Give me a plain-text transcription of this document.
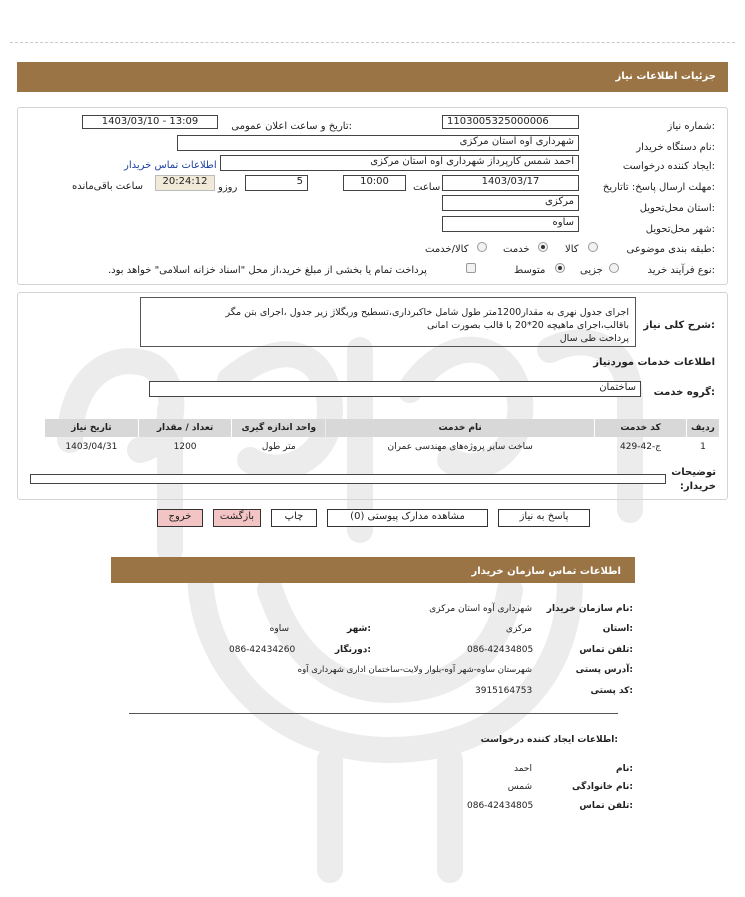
جزئیات اطلاعات نیاز
شماره نیاز:
1103005325000006
تاریخ و ساعت اعلان عمومی:
1403/03/10 - 13:09
نام دستگاه خریدار:
شهرداری آوه استان مرکزی
ایجاد کننده درخواست:
احمد شمس کارپرداز شهرداری آوه استان مرکزی
اطلاعات تماس خریدار
مهلت ارسال پاسخ: تاتاریخ:
1403/03/17
ساعت
10:00
5
روزو
20:24:12
ساعت باقی‌مانده
استان محل‌تحویل:
مرکزی
شهر محل‌تحویل:
ساوه
طبقه بندی موضوعی:
کالا
خدمت
کالا/خدمت
نوع فرآیند خرید:
جزیی
متوسط
پرداخت تمام یا بخشی از مبلغ خرید،از محل "اسناد خزانه اسلامی" خواهد بود.
شرح کلی نیاز:
اجرای جدول نهری به مقدار1200متر طول شامل خاکبرداری،تسطیح وریگلاژ زیر جدول ،اجرای بتن مگر
باقالب،اجرای ماهیچه 20*20 با قالب بصورت امانی
پرداخت طی سال
اطلاعات خدمات موردنیاز
گروه خدمت:
ساختمان
ردیف	کد خدمت	نام خدمت	واحد اندازه گیری	تعداد / مقدار	تاریخ نیاز
1	ج-42-429	ساخت سایر پروژه‌های مهندسی عمران	متر طول	1200	1403/04/31
توضیحات خریدار:
پاسخ به نیاز
مشاهده مدارک پیوستی (0)
چاپ
بازگشت
خروج
اطلاعات تماس سازمان خریدار
نام سازمان خریدار:
شهرداری آوه استان مرکزی
استان:
مرکزی
شهر:
ساوه
تلفن تماس:
086-42434805
دورنگار:
086-42434260
آدرس پستی:
شهرستان ساوه-شهر آوه-بلوار ولایت-ساختمان اداری شهرداری آوه
کد پستی:
3915164753
اطلاعات ایجاد کننده درخواست:
نام:
احمد
نام خانوادگی:
شمس
تلفن تماس:
086-42434805
